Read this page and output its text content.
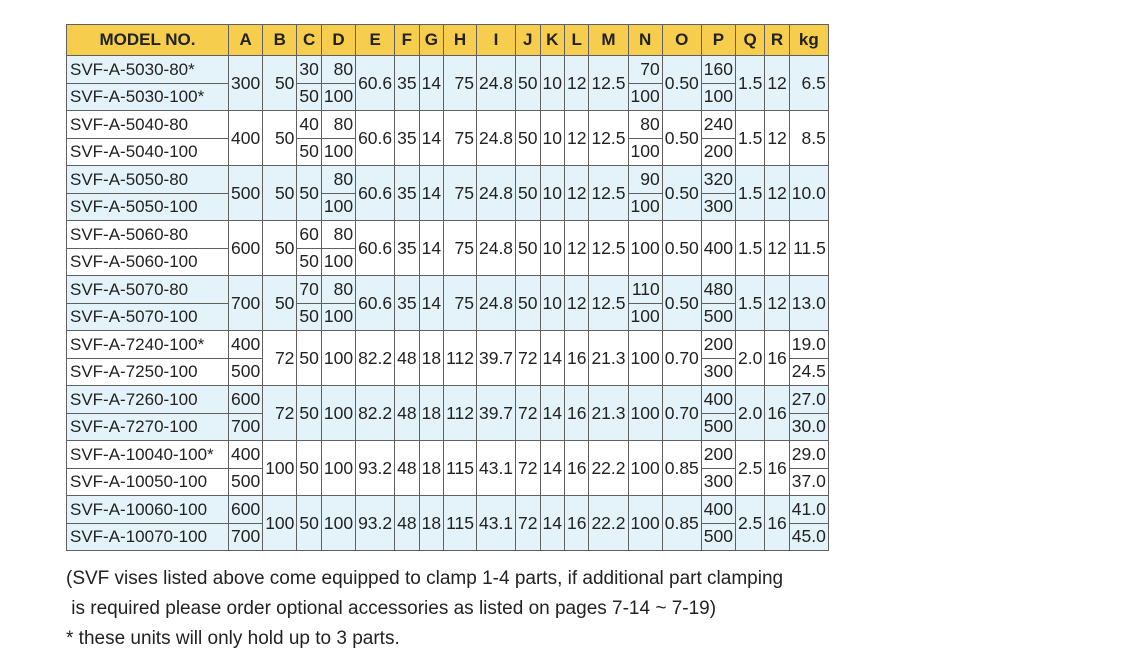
MODEL NO.	A	B	C	D	E	F	G	H	I	J	K	L	M	N	O	P	Q	R	kg
SVF-A-5030-80*	300	50	30	80	60.6	35	14	75	24.8	50	10	12	12.5	70	0.50	160	1.5	12	6.5
SVF-A-5030-100*			50	100										100		100			
SVF-A-5040-80	400	50	40	80	60.6	35	14	75	24.8	50	10	12	12.5	80	0.50	240	1.5	12	8.5
SVF-A-5040-100			50	100										100		200			
SVF-A-5050-80	500	50	50	80	60.6	35	14	75	24.8	50	10	12	12.5	90	0.50	320	1.5	12	10.0
SVF-A-5050-100				100										100		300			
SVF-A-5060-80	600	50	60	80	60.6	35	14	75	24.8	50	10	12	12.5	100	0.50	400	1.5	12	11.5
SVF-A-5060-100			50	100															
SVF-A-5070-80	700	50	70	80	60.6	35	14	75	24.8	50	10	12	12.5	110	0.50	480	1.5	12	13.0
SVF-A-5070-100			50	100										100		500			
SVF-A-7240-100*	400	72	50	100	82.2	48	18	112	39.7	72	14	16	21.3	100	0.70	200	2.0	16	19.0
SVF-A-7250-100	500															300			24.5
SVF-A-7260-100	600	72	50	100	82.2	48	18	112	39.7	72	14	16	21.3	100	0.70	400	2.0	16	27.0
SVF-A-7270-100	700															500			30.0
SVF-A-10040-100*	400	100	50	100	93.2	48	18	115	43.1	72	14	16	22.2	100	0.85	200	2.5	16	29.0
SVF-A-10050-100	500															300			37.0
SVF-A-10060-100	600	100	50	100	93.2	48	18	115	43.1	72	14	16	22.2	100	0.85	400	2.5	16	41.0
SVF-A-10070-100	700															500			45.0
(SVF vises listed above come equipped to clamp 1-4 parts, if additional part clamping
is required please order optional accessories as listed on pages 7-14 ~ 7-19)
* these units will only hold up to 3 parts.
